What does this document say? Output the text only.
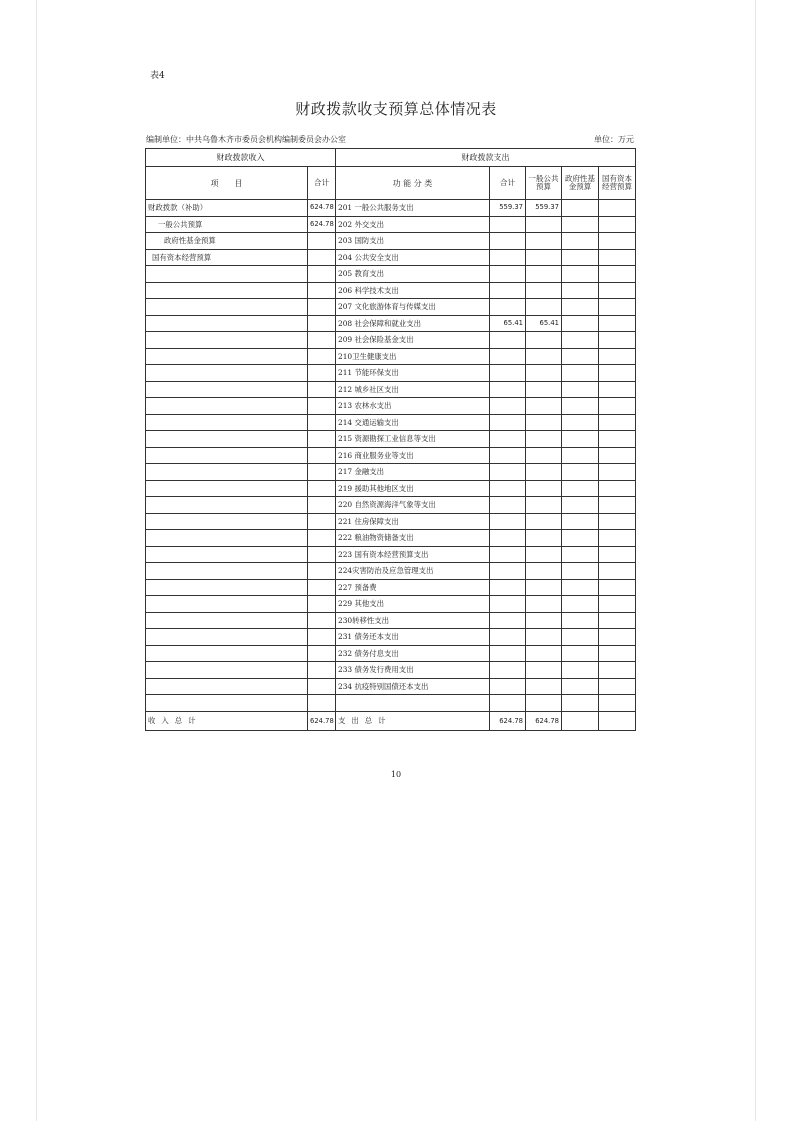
表4
财政拨款收支预算总体情况表
编制单位：中共乌鲁木齐市委员会机构编制委员会办公室	单位：万元
财政拨款收入		财政拨款支出				
项　　目	合计	功 能 分 类	合计	一般公共预算	政府性基金预算	国有资本经营预算
财政拨款（补助）	624.78	201 一般公共服务支出	559.37	559.37		
一般公共预算	624.78	202 外交支出				
政府性基金预算		203 国防支出				
国有资本经营预算		204 公共安全支出				
		205 教育支出				
		206 科学技术支出				
		207 文化旅游体育与传媒支出				
		208 社会保障和就业支出	65.41	65.41		
		209 社会保险基金支出				
		210卫生健康支出				
		211 节能环保支出				
		212 城乡社区支出				
		213 农林水支出				
		214 交通运输支出				
		215 资源勘探工业信息等支出				
		216 商业服务业等支出				
		217 金融支出				
		219 援助其他地区支出				
		220 自然资源海洋气象等支出				
		221 住房保障支出				
		222 粮油物资储备支出				
		223 国有资本经营预算支出				
		224灾害防治及应急管理支出				
		227 预备费				
		229 其他支出				
		230转移性支出				
		231 债务还本支出				
		232 债务付息支出				
		233 债务发行费用支出				
		234 抗疫特别国债还本支出				

收入总计	624.78	支出总计	624.78	624.78		
10
